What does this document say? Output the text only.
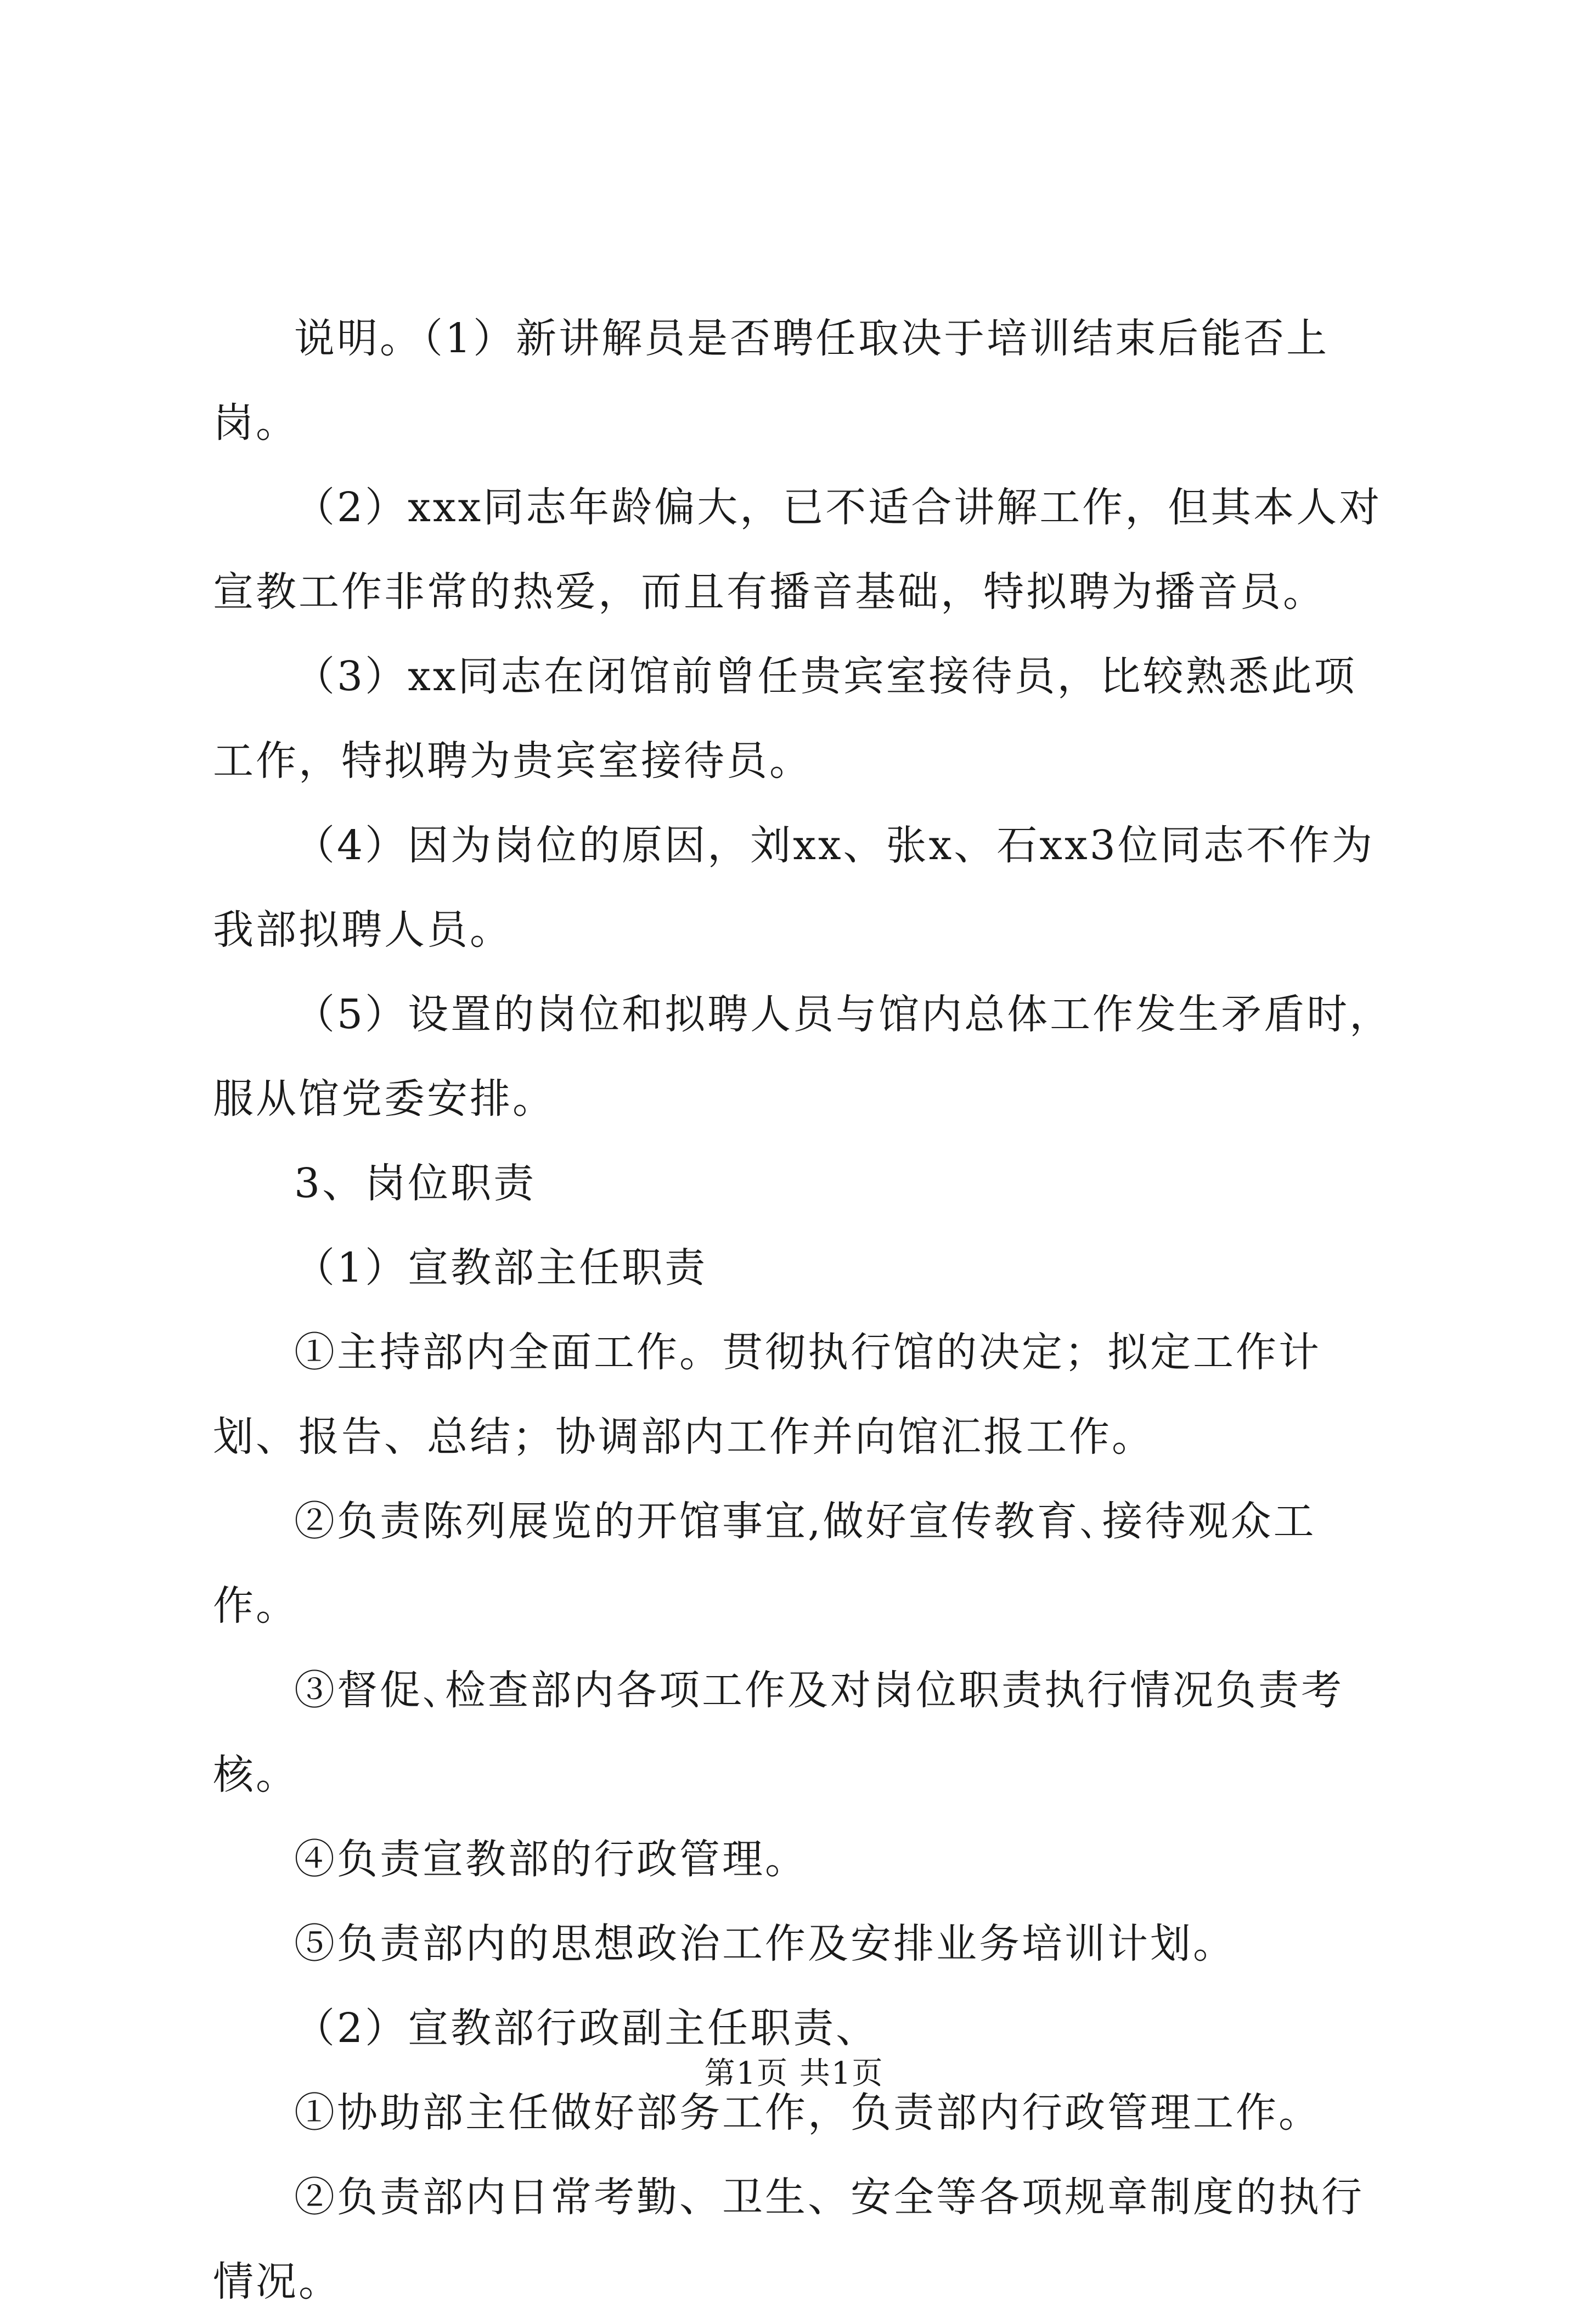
说明。（1）新讲解员是否聘任取决于培训结束后能否上岗。

（2）xxx同志年龄偏大，已不适合讲解工作，但其本人对宣教工作非常的热爱，而且有播音基础，特拟聘为播音员。

（3）xx同志在闭馆前曾任贵宾室接待员，比较熟悉此项工作，特拟聘为贵宾室接待员。

（4）因为岗位的原因，刘xx、张x、石xx3位同志不作为我部拟聘人员。

（5）设置的岗位和拟聘人员与馆内总体工作发生矛盾时，服从馆党委安排。

3、岗位职责

（1）宣教部主任职责

①主持部内全面工作。贯彻执行馆的决定；拟定工作计划、报告、总结；协调部内工作并向馆汇报工作。

②负责陈列展览的开馆事宜,做好宣传教育､接待观众工作。

③督促､检查部内各项工作及对岗位职责执行情况负责考核。

④负责宣教部的行政管理。

⑤负责部内的思想政治工作及安排业务培训计划。

（2）宣教部行政副主任职责、

①协助部主任做好部务工作，负责部内行政管理工作。

②负责部内日常考勤、卫生、安全等各项规章制度的执行情况。

第1页 共1页
